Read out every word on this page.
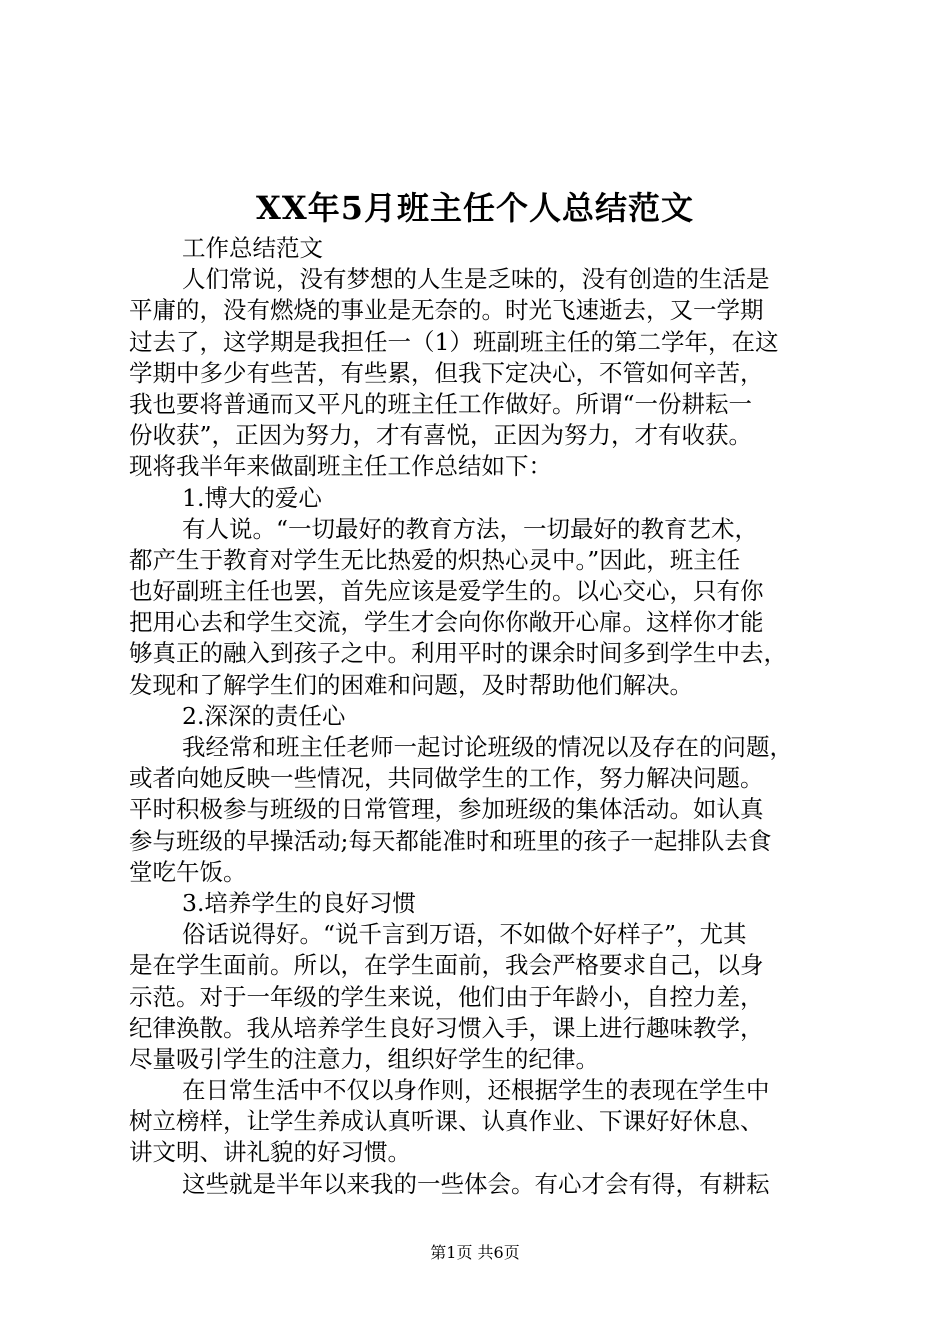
XX年5月班主任个人总结范文
工作总结范文
人们常说，没有梦想的人生是乏味的，没有创造的生活是
平庸的，没有燃烧的事业是无奈的。时光飞速逝去，又一学期
过去了，这学期是我担任一（1）班副班主任的第二学年，在这
学期中多少有些苦，有些累，但我下定决心，不管如何辛苦，
我也要将普通而又平凡的班主任工作做好。所谓“一份耕耘一
份收获”，正因为努力，才有喜悦，正因为努力，才有收获。
现将我半年来做副班主任工作总结如下：
1.博大的爱心
有人说。“一切最好的教育方法，一切最好的教育艺术，
都产生于教育对学生无比热爱的炽热心灵中。”因此，班主任
也好副班主任也罢，首先应该是爱学生的。以心交心，只有你
把用心去和学生交流，学生才会向你你敞开心扉。这样你才能
够真正的融入到孩子之中。利用平时的课余时间多到学生中去，
发现和了解学生们的困难和问题，及时帮助他们解决。
2.深深的责任心
我经常和班主任老师一起讨论班级的情况以及存在的问题，
或者向她反映一些情况，共同做学生的工作，努力解决问题。
平时积极参与班级的日常管理，参加班级的集体活动。如认真
参与班级的早操活动;每天都能准时和班里的孩子一起排队去食
堂吃午饭。
3.培养学生的良好习惯
俗话说得好。“说千言到万语，不如做个好样子”，尤其
是在学生面前。所以，在学生面前，我会严格要求自己，以身
示范。对于一年级的学生来说，他们由于年龄小，自控力差，
纪律涣散。我从培养学生良好习惯入手，课上进行趣味教学，
尽量吸引学生的注意力，组织好学生的纪律。
在日常生活中不仅以身作则，还根据学生的表现在学生中
树立榜样，让学生养成认真听课、认真作业、下课好好休息、
讲文明、讲礼貌的好习惯。
这些就是半年以来我的一些体会。有心才会有得，有耕耘
第1页 共6页
